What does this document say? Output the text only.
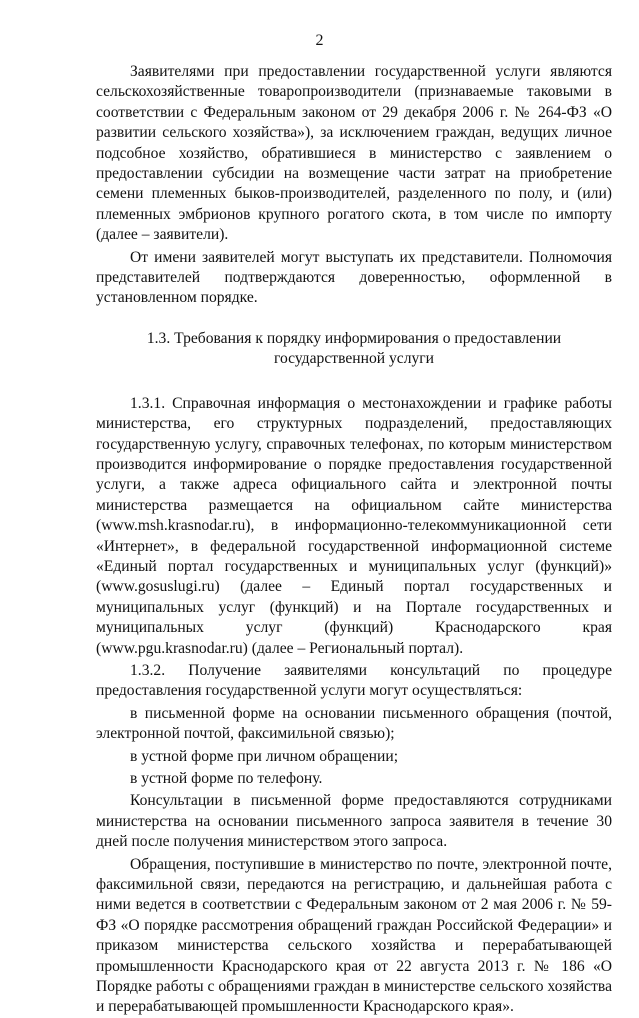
2

Заявителями при предоставлении государственной услуги являются сельскохозяйственные товаропроизводители (признаваемые таковыми в соответствии с Федеральным законом от 29 декабря 2006 г. № 264-ФЗ «О развитии сельского хозяйства»), за исключением граждан, ведущих личное подсобное хозяйство, обратившиеся в министерство с заявлением о предоставлении субсидии на возмещение части затрат на приобретение семени племенных быков-производителей, разделенного по полу, и (или) племенных эмбрионов крупного рогатого скота, в том числе по импорту (далее – заявители).

От имени заявителей могут выступать их представители. Полномочия представителей подтверждаются доверенностью, оформленной в установленном порядке.

1.3. Требования к порядку информирования о предоставлении
государственной услуги

1.3.1. Справочная информация о местонахождении и графике работы министерства, его структурных подразделений, предоставляющих государственную услугу, справочных телефонах, по которым министерством производится информирование о порядке предоставления государственной услуги, а также адреса официального сайта и электронной почты министерства размещается на официальном сайте министерства (www.msh.krasnodar.ru), в информационно-телекоммуникационной сети «Интернет», в федеральной государственной информационной системе «Единый портал государственных и муниципальных услуг (функций)» (www.gosuslugi.ru) (далее – Единый портал государственных и муниципальных услуг (функций) и на Портале государственных и муниципальных услуг (функций) Краснодарского края (www.pgu.krasnodar.ru) (далее – Региональный портал).

1.3.2. Получение заявителями консультаций по процедуре предоставления государственной услуги могут осуществляться:

в письменной форме на основании письменного обращения (почтой, электронной почтой, факсимильной связью);

в устной форме при личном обращении;

в устной форме по телефону.

Консультации в письменной форме предоставляются сотрудниками министерства на основании письменного запроса заявителя в течение 30 дней после получения министерством этого запроса.

Обращения, поступившие в министерство по почте, электронной почте, факсимильной связи, передаются на регистрацию, и дальнейшая работа с ними ведется в соответствии с Федеральным законом от 2 мая 2006 г. № 59-ФЗ «О порядке рассмотрения обращений граждан Российской Федерации» и приказом министерства сельского хозяйства и перерабатывающей промышленности Краснодарского края от 22 августа 2013 г. № 186 «О Порядке работы с обращениями граждан в министерстве сельского хозяйства и перерабатывающей промышленности Краснодарского края».
